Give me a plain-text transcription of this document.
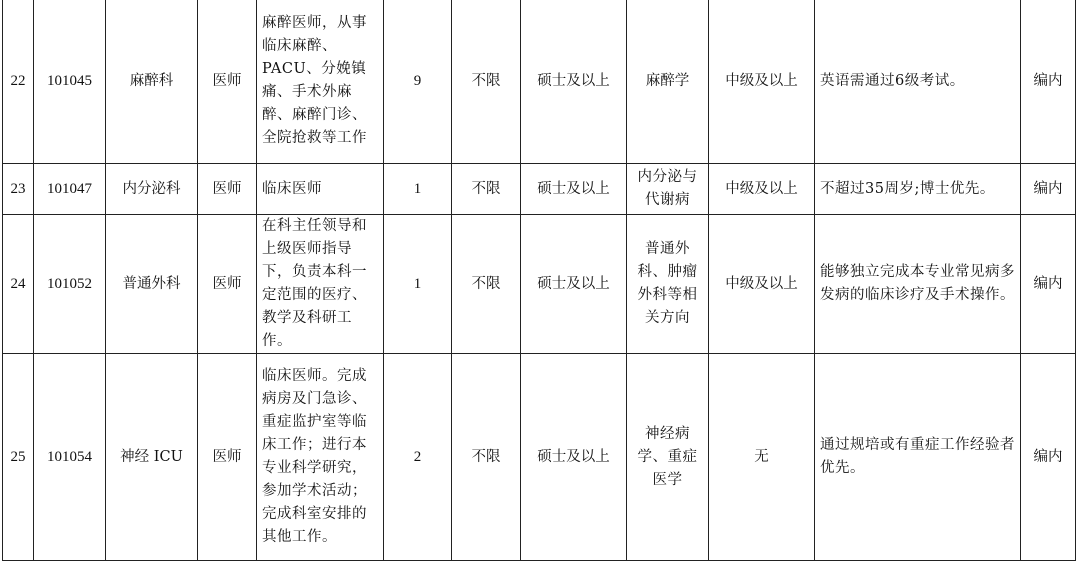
22	101045	麻醉科	医师	麻醉医师，从事临床麻醉、PACU、分娩镇痛、手术外麻醉、麻醉门诊、全院抢救等工作	9	不限	硕士及以上	麻醉学	中级及以上	英语需通过6级考试。	编内
23	101047	内分泌科	医师	临床医师	1	不限	硕士及以上	内分泌与代谢病	中级及以上	不超过35周岁;博士优先。	编内
24	101052	普通外科	医师	在科主任领导和上级医师指导下，负责本科一定范围的医疗、教学及科研工作。	1	不限	硕士及以上	普通外科、肿瘤外科等相关方向	中级及以上	能够独立完成本专业常见病多发病的临床诊疗及手术操作。	编内
25	101054	神经 ICU	医师	临床医师。完成病房及门急诊、重症监护室等临床工作；进行本专业科学研究，参加学术活动； 完成科室安排的其他工作。	2	不限	硕士及以上	神经病学、重症医学	无	通过规培或有重症工作经验者优先。	编内
